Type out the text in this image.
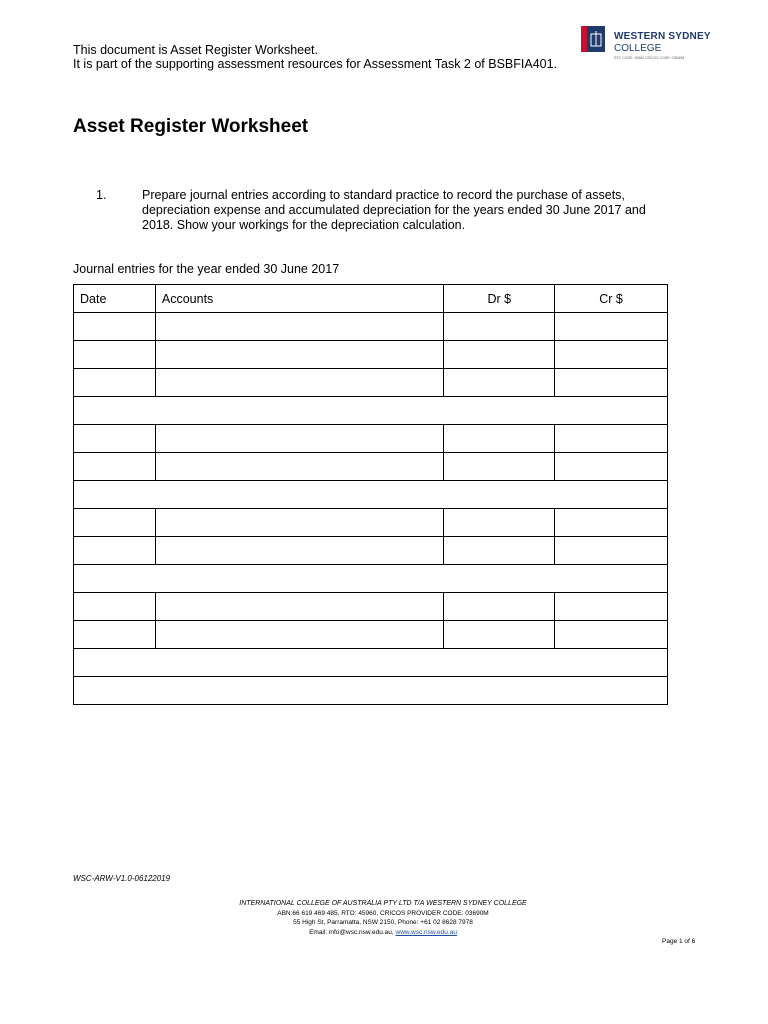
This document is Asset Register Worksheet.
It is part of the supporting assessment resources for Assessment Task 2 of BSBFIA401.
WESTERN SYDNEY
COLLEGE
RTO CODE: 45960 CRICOS CODE: 03690M
Asset Register Worksheet
1.	Prepare journal entries according to standard practice to record the purchase of assets, depreciation expense and accumulated depreciation for the years ended 30 June 2017 and 2018. Show your workings for the depreciation calculation.
Journal entries for the year ended 30 June 2017
Date	Accounts	Dr $	Cr $

WSC-ARW-V1.0-06122019
INTERNATIONAL COLLEGE OF AUSTRALIA PTY LTD T/A WESTERN SYDNEY COLLEGE
ABN:66 619 469 485, RTO: 45960, CRICOS PROVIDER CODE: 03690M
55 High St, Parramatta, NSW 2150, Phone: +61 02 8628 7978
Email: info@wsc.nsw.edu.au, www.wsc.nsw.edu.au
Page 1 of 6
